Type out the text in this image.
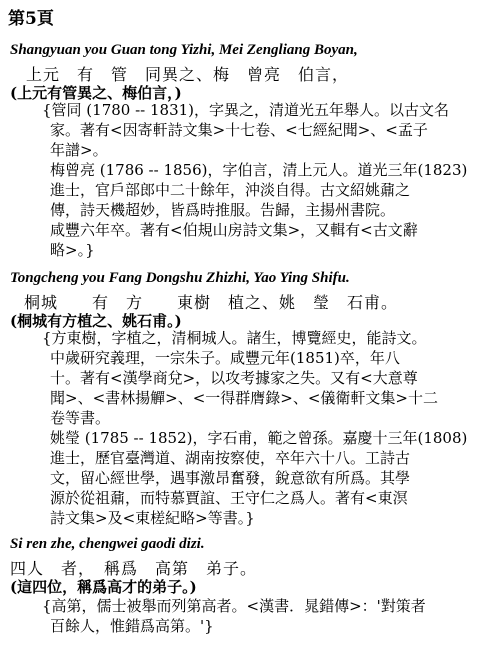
第5頁
Shangyuan you Guan tong Yizhi, Mei Zengliang Boyan,
上元　有　管　同異之、梅　曾亮　伯言，
(上元有管異之、梅伯言，)
{管同 (1780 -- 1831)，字異之，清道光五年舉人。以古文名
家。著有<因寄軒詩文集>十七卷、<七經紀聞>、<孟子
年譜>。
梅曾亮 (1786 -- 1856)，字伯言，清上元人。道光三年(1823)
進士，官戶部郎中二十餘年，沖淡自得。古文紹姚鼐之
傳，詩天機超妙，皆爲時推服。告歸，主揚州書院。
咸豐六年卒。著有<伯規山房詩文集>，又輯有<古文辭
略>。}
Tongcheng you Fang Dongshu Zhizhi, Yao Ying Shifu.
桐城　　有　方　　東樹　植之、姚　瑩　石甫。
(桐城有方植之、姚石甫。)
{方東樹，字植之，清桐城人。諸生，博覽經史，能詩文。
中歲研究義理，一宗朱子。咸豐元年(1851)卒，年八
十。著有<漢學商兌>，以攻考據家之失。又有<大意尊
聞>、<書林揚觶>、<一得群膺錄>、<儀衛軒文集>十二
卷等書。
姚瑩 (1785 -- 1852)，字石甫，範之曾孫。嘉慶十三年(1808)
進士，歷官臺灣道、湖南按察使，卒年六十八。工詩古
文，留心經世學，遇事激昂奮發，銳意欲有所爲。其學
源於從祖鼐，而特慕賈誼、王守仁之爲人。著有<東溟
詩文集>及<東槎紀略>等書。}
Si ren zhe, chengwei gaodi dizi.
四人　者，　稱爲　高第　弟子。
(這四位，稱爲高才的弟子。)
{高第，儒士被舉而列第高者。<漢書．晁錯傳>：'對策者
百餘人，惟錯爲高第。'}
